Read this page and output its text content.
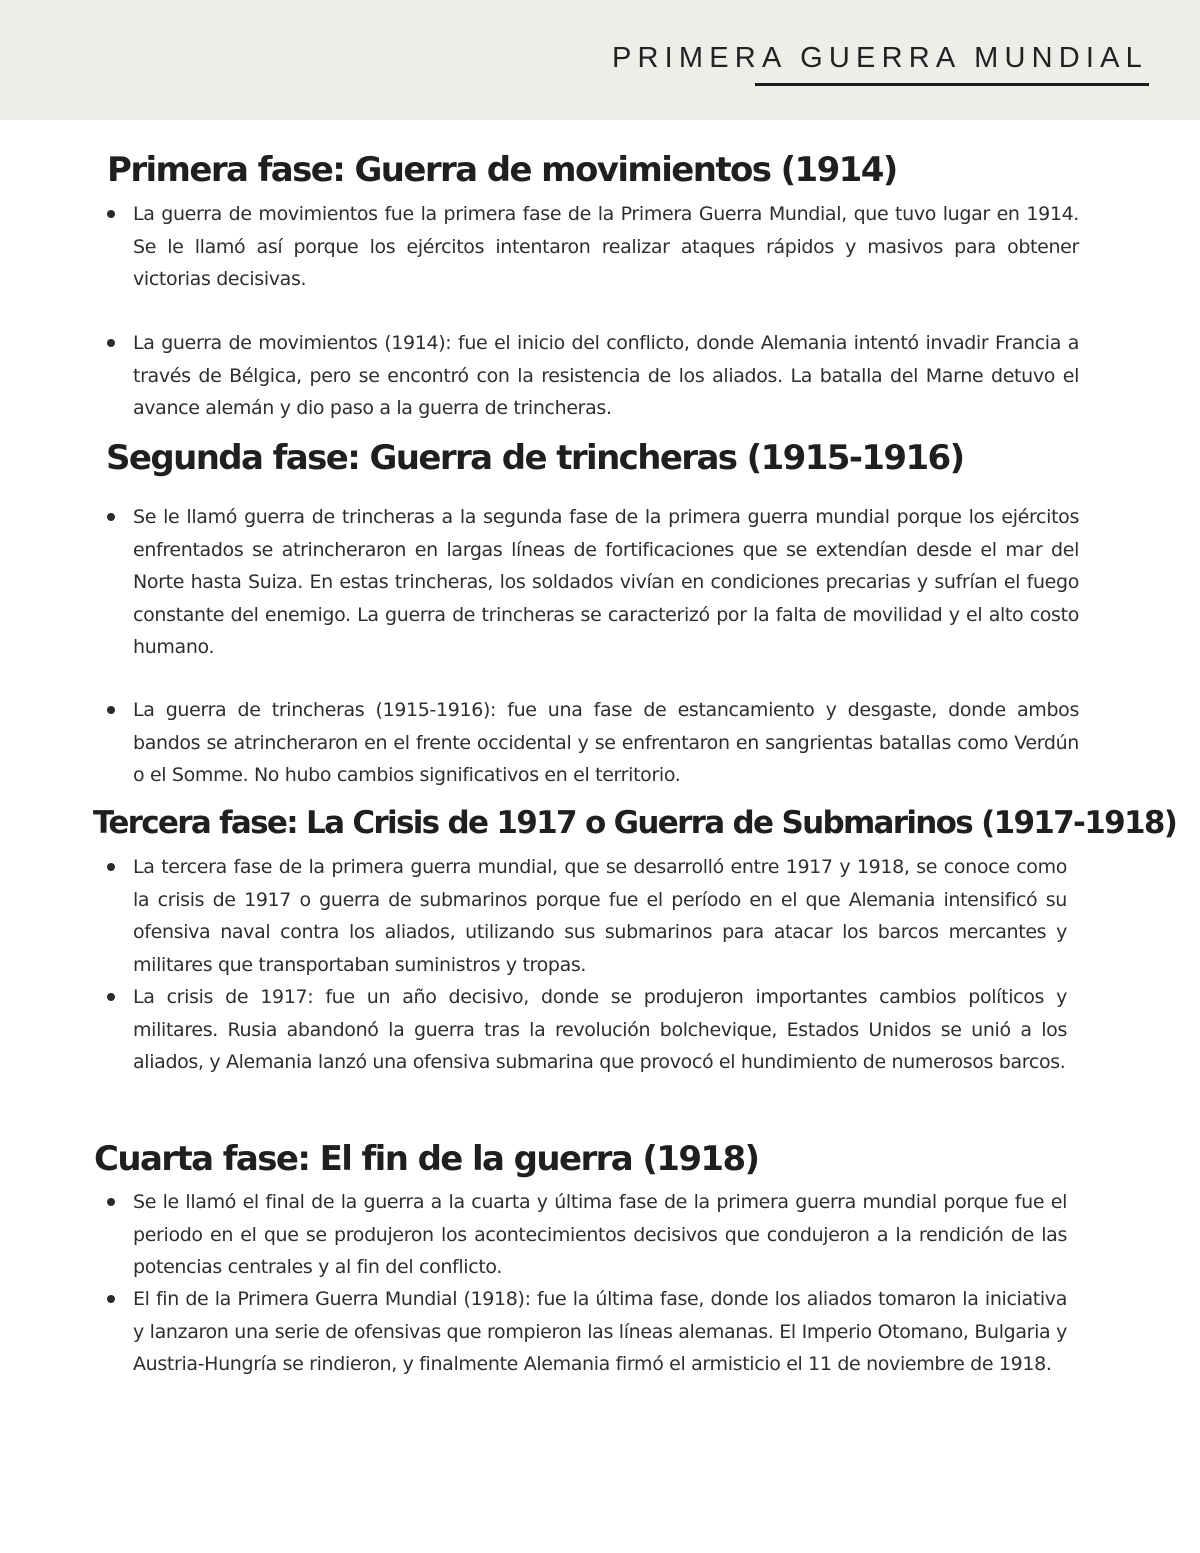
PRIMERA GUERRA MUNDIAL
Primera fase: Guerra de movimientos (1914)

La guerra de movimientos fue la primera fase de la Primera Guerra Mundial, que tuvo lugar en 1914. Se le llamó así porque los ejércitos intentaron realizar ataques rápidos y masivos para obtener victorias decisivas.

La guerra de movimientos (1914): fue el inicio del conflicto, donde Alemania intentó invadir Francia a través de Bélgica, pero se encontró con la resistencia de los aliados. La batalla del Marne detuvo el avance alemán y dio paso a la guerra de trincheras.

Segunda fase: Guerra de trincheras (1915-1916)

Se le llamó guerra de trincheras a la segunda fase de la primera guerra mundial porque los ejércitos enfrentados se atrincheraron en largas líneas de fortificaciones que se extendían desde el mar del Norte hasta Suiza. En estas trincheras, los soldados vivían en condiciones precarias y sufrían el fuego constante del enemigo. La guerra de trincheras se caracterizó por la falta de movilidad y el alto costo humano.

La guerra de trincheras (1915-1916): fue una fase de estancamiento y desgaste, donde ambos bandos se atrincheraron en el frente occidental y se enfrentaron en sangrientas batallas como Verdún o el Somme. No hubo cambios significativos en el territorio.

Tercera fase: La Crisis de 1917 o Guerra de Submarinos (1917-1918)

La tercera fase de la primera guerra mundial, que se desarrolló entre 1917 y 1918, se conoce como la crisis de 1917 o guerra de submarinos porque fue el período en el que Alemania intensificó su ofensiva naval contra los aliados, utilizando sus submarinos para atacar los barcos mercantes y militares que transportaban suministros y tropas.

La crisis de 1917: fue un año decisivo, donde se produjeron importantes cambios políticos y militares. Rusia abandonó la guerra tras la revolución bolchevique, Estados Unidos se unió a los aliados, y Alemania lanzó una ofensiva submarina que provocó el hundimiento de numerosos barcos.

Cuarta fase: El fin de la guerra (1918)

Se le llamó el final de la guerra a la cuarta y última fase de la primera guerra mundial porque fue el periodo en el que se produjeron los acontecimientos decisivos que condujeron a la rendición de las potencias centrales y al fin del conflicto.

El fin de la Primera Guerra Mundial (1918): fue la última fase, donde los aliados tomaron la iniciativa y lanzaron una serie de ofensivas que rompieron las líneas alemanas. El Imperio Otomano, Bulgaria y Austria-Hungría se rindieron, y finalmente Alemania firmó el armisticio el 11 de noviembre de 1918.
